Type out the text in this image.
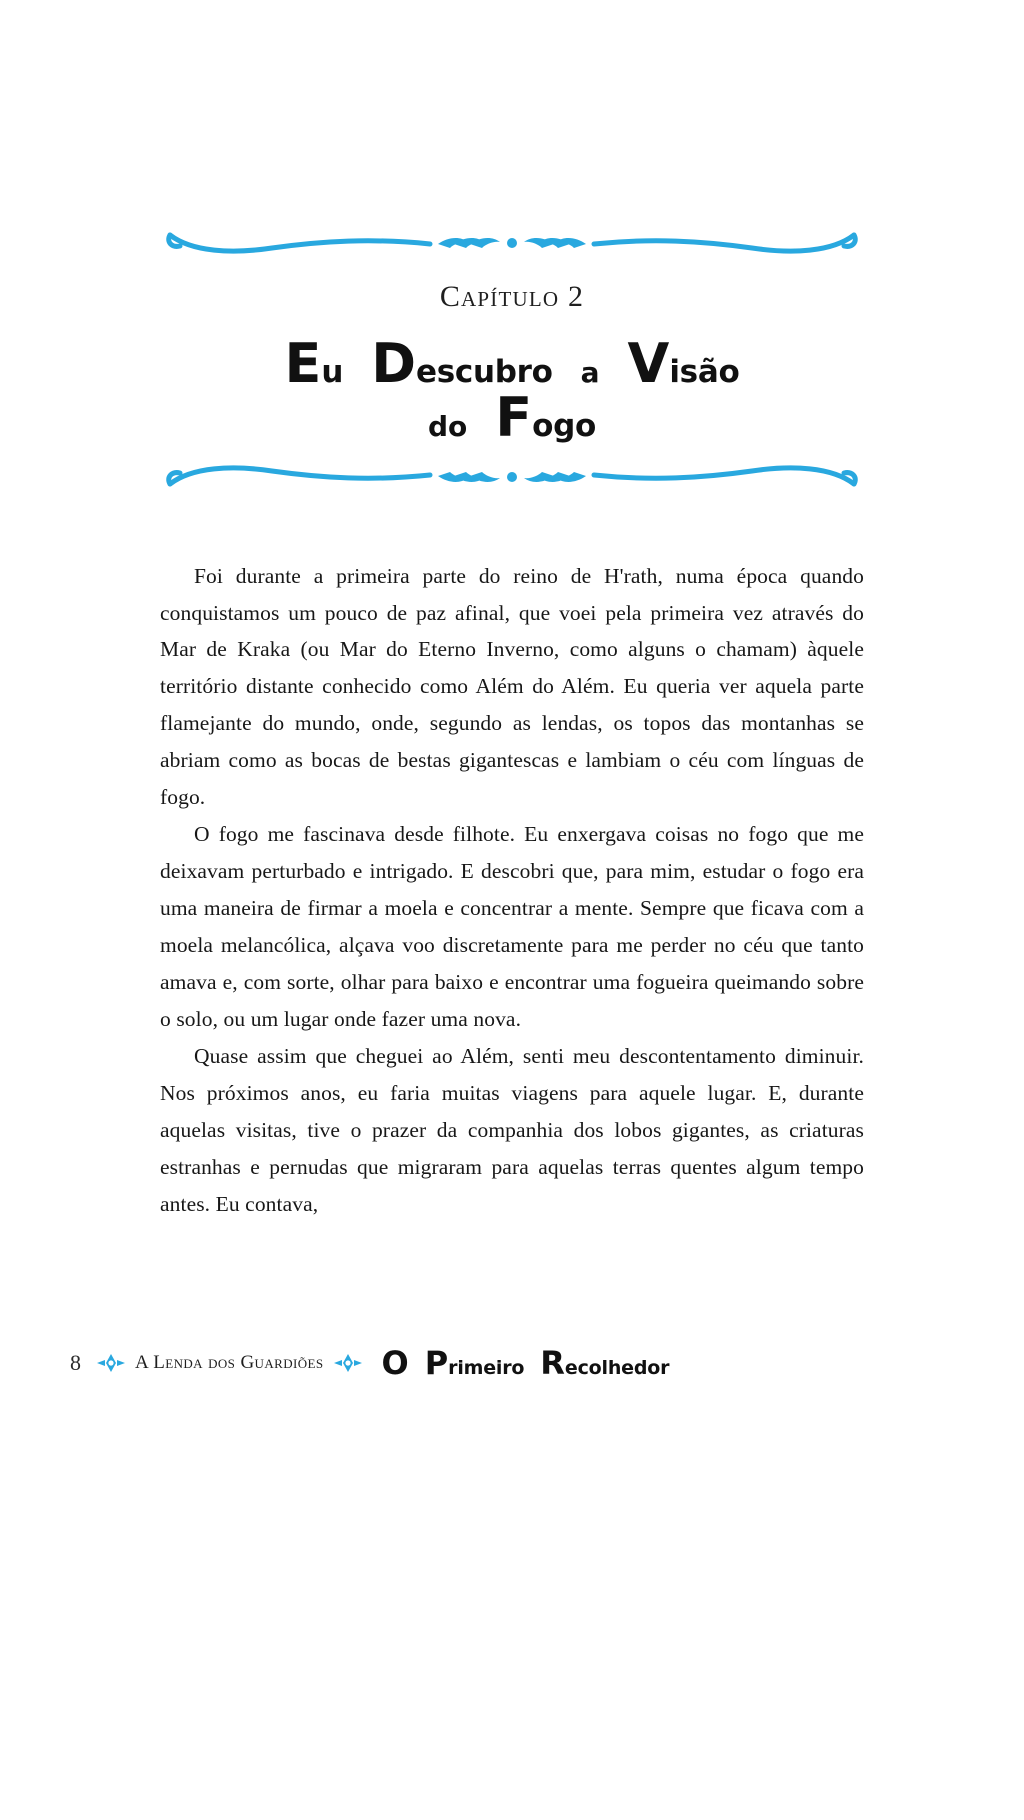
Capítulo 2
Eu Descubro a Visão
do Fogo

Foi durante a primeira parte do reino de H'rath, numa época quando conquistamos um pouco de paz afinal, que voei pela primeira vez através do Mar de Kraka (ou Mar do Eterno Inverno, como alguns o chamam) àquele território distante conhecido como Além do Além. Eu queria ver aquela parte flamejante do mundo, onde, segundo as lendas, os topos das montanhas se abriam como as bocas de bestas gigantescas e lambiam o céu com línguas de fogo.

O fogo me fascinava desde filhote. Eu enxergava coisas no fogo que me deixavam perturbado e intrigado. E descobri que, para mim, estudar o fogo era uma maneira de firmar a moela e concentrar a mente. Sempre que ficava com a moela melancólica, alçava voo discretamente para me perder no céu que tanto amava e, com sorte, olhar para baixo e encontrar uma fogueira queimando sobre o solo, ou um lugar onde fazer uma nova.

Quase assim que cheguei ao Além, senti meu descontentamento diminuir. Nos próximos anos, eu faria muitas viagens para aquele lugar. E, durante aquelas visitas, tive o prazer da companhia dos lobos gigantes, as criaturas estranhas e pernudas que migraram para aquelas terras quentes algum tempo antes. Eu contava,

8	A Lenda dos Guardiões O Primeiro Recolhedor
